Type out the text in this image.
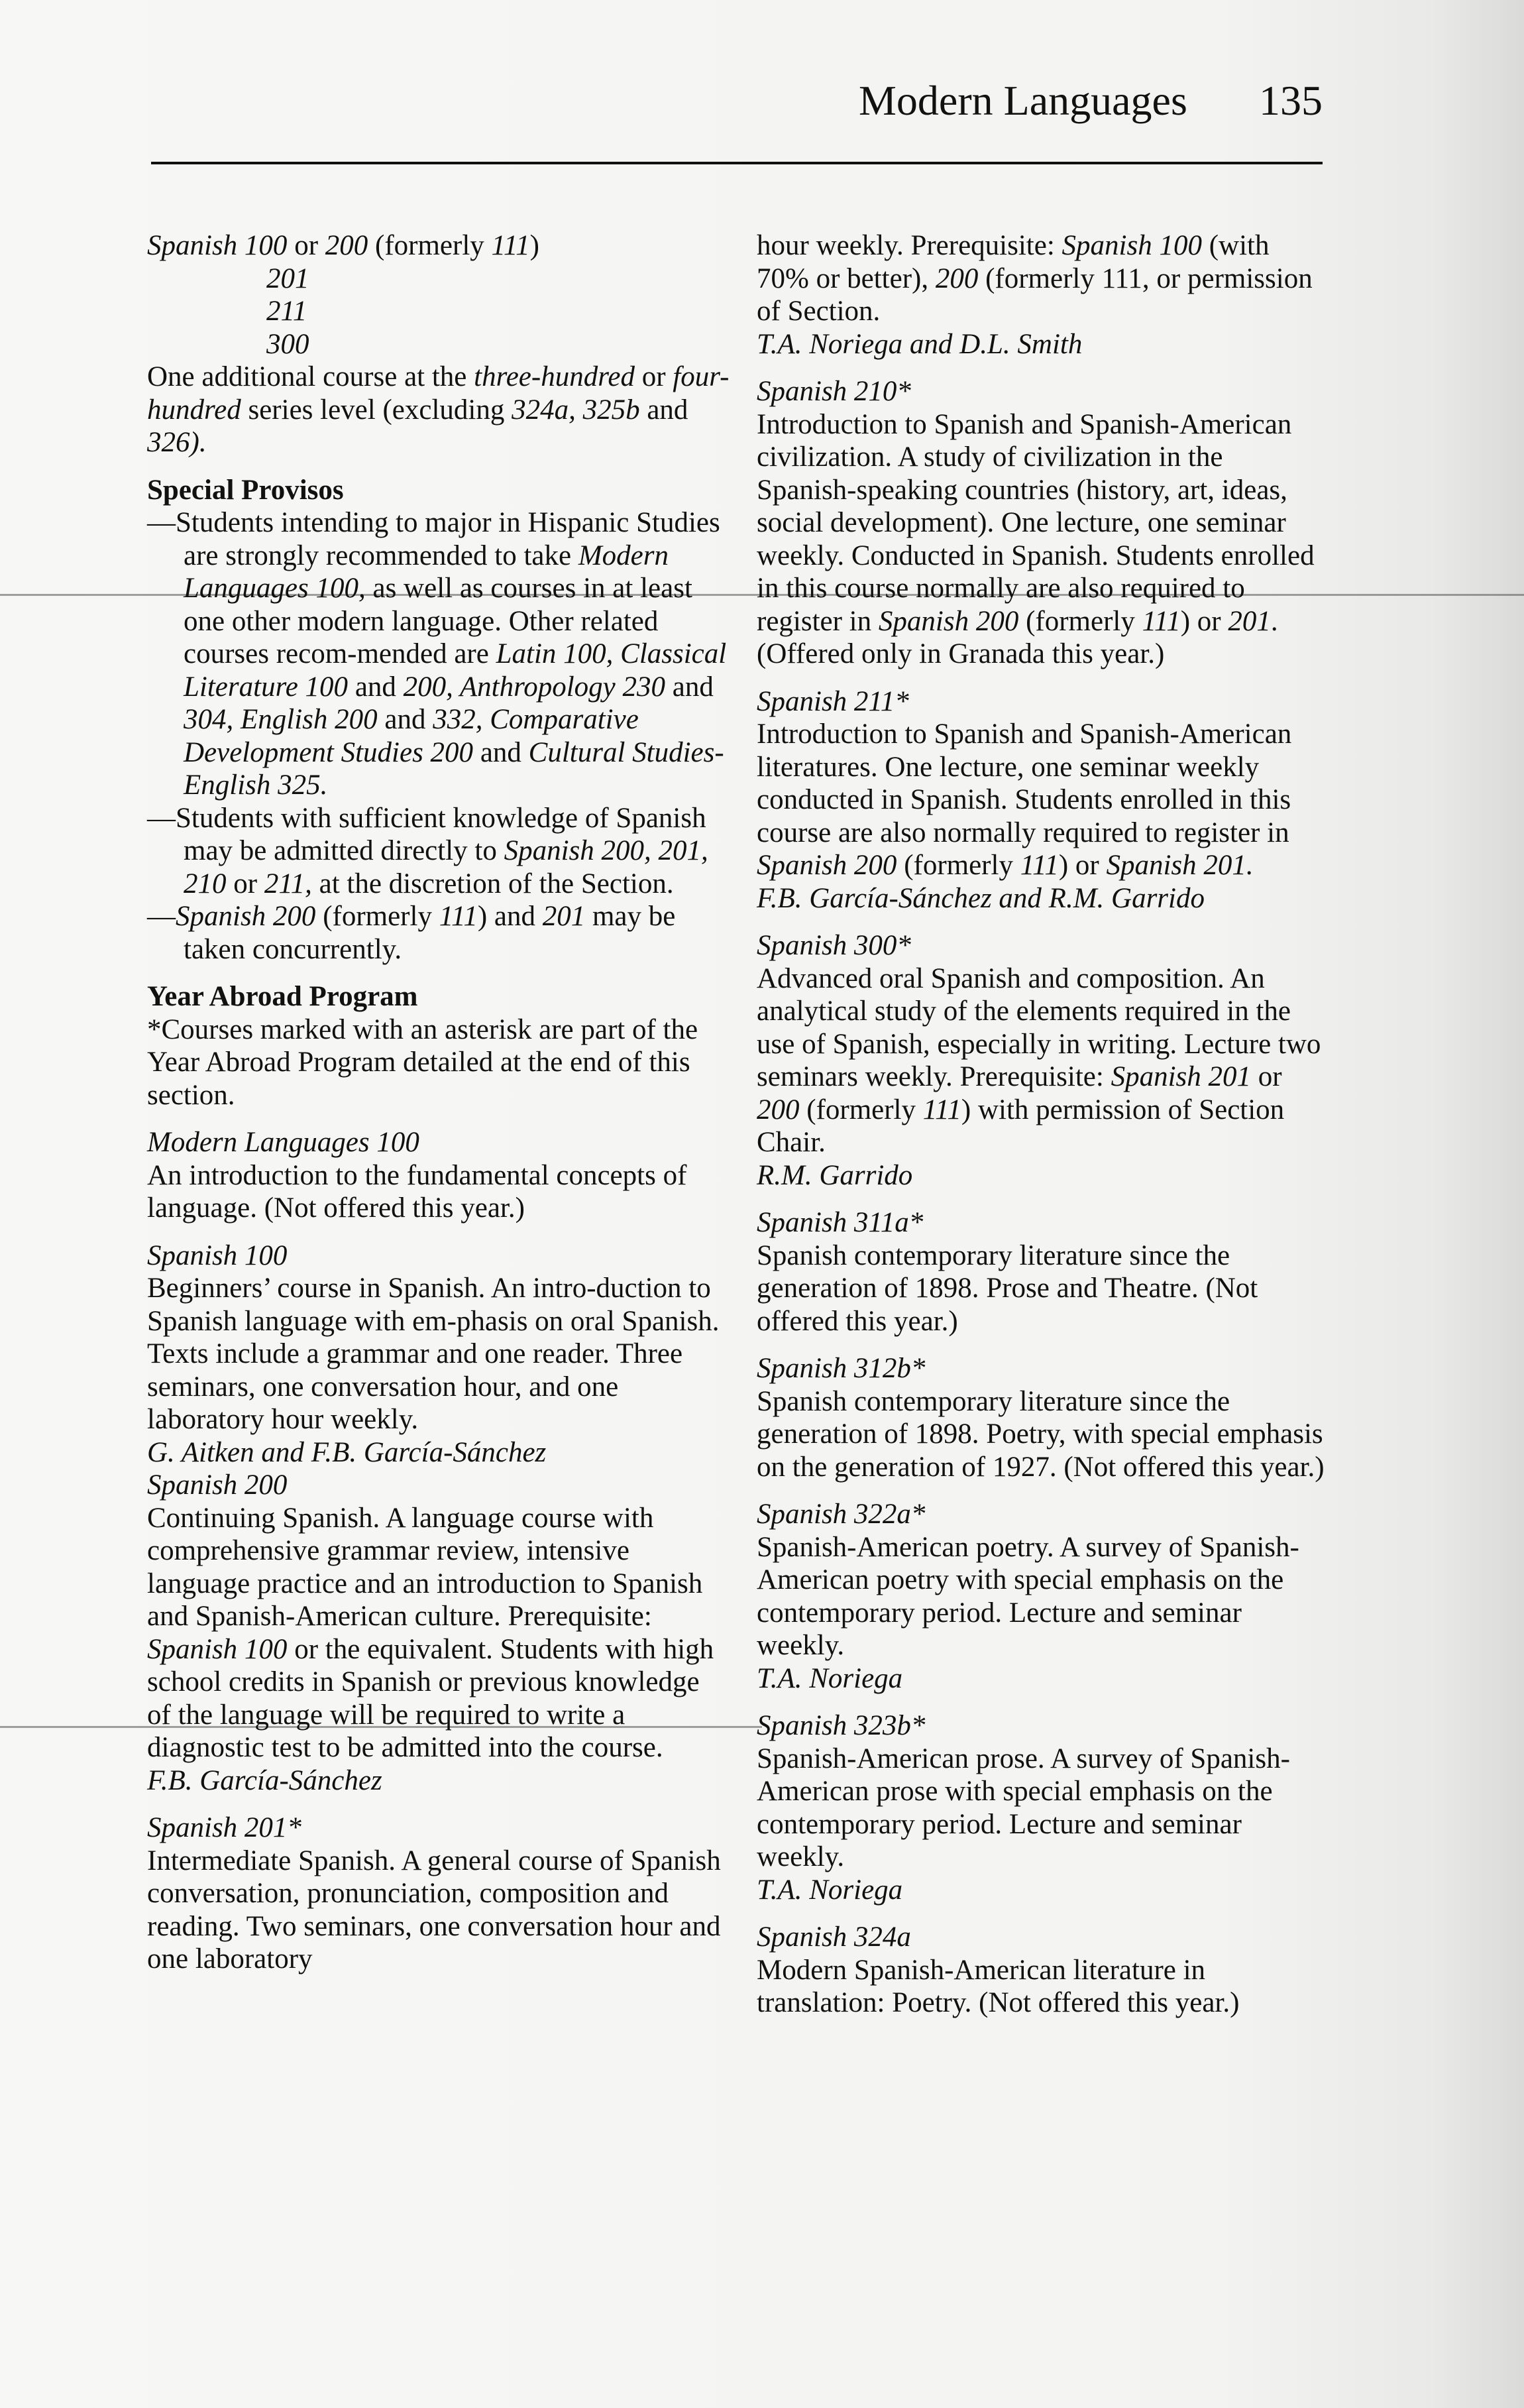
Modern Languages 135

Spanish 100 or 200 (formerly 111)

201

211

300

One additional course at the three-hundred or four-hundred series level (excluding 324a, 325b and 326).

Special Provisos

—Students intending to major in Hispanic Studies are strongly recommended to take Modern Languages 100, as well as courses in at least one other modern language. Other related courses recom-mended are Latin 100, Classical Literature 100 and 200, Anthropology 230 and 304, English 200 and 332, Comparative Development Studies 200 and Cultural Studies-English 325.

—Students with sufficient knowledge of Spanish may be admitted directly to Spanish 200, 201, 210 or 211, at the discretion of the Section.

—Spanish 200 (formerly 111) and 201 may be taken concurrently.

Year Abroad Program

*Courses marked with an asterisk are part of the Year Abroad Program detailed at the end of this section.

Modern Languages 100

An introduction to the fundamental concepts of language. (Not offered this year.)

Spanish 100

Beginners’ course in Spanish. An intro-duction to Spanish language with em-phasis on oral Spanish. Texts include a grammar and one reader. Three seminars, one conversation hour, and one laboratory hour weekly.

G. Aitken and F.B. García-Sánchez

Spanish 200

Continuing Spanish. A language course with comprehensive grammar review, intensive language practice and an introduction to Spanish and Spanish-American culture. Prerequisite: Spanish 100 or the equivalent. Students with high school credits in Spanish or previous knowledge of the language will be required to write a diagnostic test to be admitted into the course.

F.B. García-Sánchez

Spanish 201*

Intermediate Spanish. A general course of Spanish conversation, pronunciation, composition and reading. Two seminars, one conversation hour and one laboratory

hour weekly. Prerequisite: Spanish 100 (with 70% or better), 200 (formerly 111, or permission of Section.

T.A. Noriega and D.L. Smith

Spanish 210*

Introduction to Spanish and Spanish-American civilization. A study of civilization in the Spanish-speaking countries (history, art, ideas, social development). One lecture, one seminar weekly. Conducted in Spanish. Students enrolled in this course normally are also required to register in Spanish 200 (formerly 111) or 201. (Offered only in Granada this year.)

Spanish 211*

Introduction to Spanish and Spanish-American literatures. One lecture, one seminar weekly conducted in Spanish. Students enrolled in this course are also normally required to register in Spanish 200 (formerly 111) or Spanish 201.

F.B. García-Sánchez and R.M. Garrido

Spanish 300*

Advanced oral Spanish and composition. An analytical study of the elements required in the use of Spanish, especially in writing. Lecture two seminars weekly. Prerequisite: Spanish 201 or 200 (formerly 111) with permission of Section Chair.

R.M. Garrido

Spanish 311a*

Spanish contemporary literature since the generation of 1898. Prose and Theatre. (Not offered this year.)

Spanish 312b*

Spanish contemporary literature since the generation of 1898. Poetry, with special emphasis on the generation of 1927. (Not offered this year.)

Spanish 322a*

Spanish-American poetry. A survey of Spanish-American poetry with special emphasis on the contemporary period. Lecture and seminar weekly.

T.A. Noriega

Spanish 323b*

Spanish-American prose. A survey of Spanish-American prose with special emphasis on the contemporary period. Lecture and seminar weekly.

T.A. Noriega

Spanish 324a

Modern Spanish-American literature in translation: Poetry. (Not offered this year.)
